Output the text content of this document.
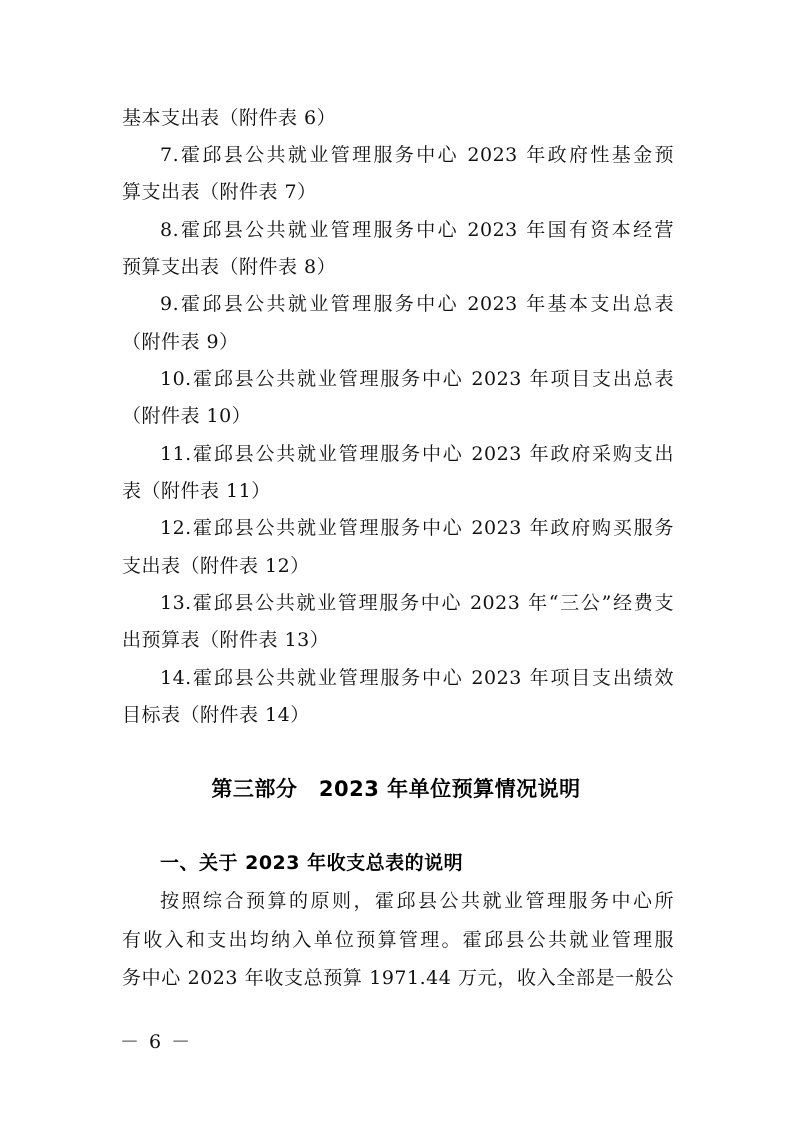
基本支出表（附件表 6）
7.霍邱县公共就业管理服务中心 2023 年政府性基金预
算支出表（附件表 7）
8.霍邱县公共就业管理服务中心 2023 年国有资本经营
预算支出表（附件表 8）
9.霍邱县公共就业管理服务中心 2023 年基本支出总表
（附件表 9）
10.霍邱县公共就业管理服务中心 2023 年项目支出总表
（附件表 10）
11.霍邱县公共就业管理服务中心 2023 年政府采购支出
表（附件表 11）
12.霍邱县公共就业管理服务中心 2023 年政府购买服务
支出表（附件表 12）
13.霍邱县公共就业管理服务中心 2023 年“三公”经费支
出预算表（附件表 13）
14.霍邱县公共就业管理服务中心 2023 年项目支出绩效
目标表（附件表 14）
第三部分　2023 年单位预算情况说明
一、关于 2023 年收支总表的说明
按照综合预算的原则，霍邱县公共就业管理服务中心所
有收入和支出均纳入单位预算管理。霍邱县公共就业管理服
务中心 2023 年收支总预算 1971.44 万元，收入全部是一般公
－ 6 －
